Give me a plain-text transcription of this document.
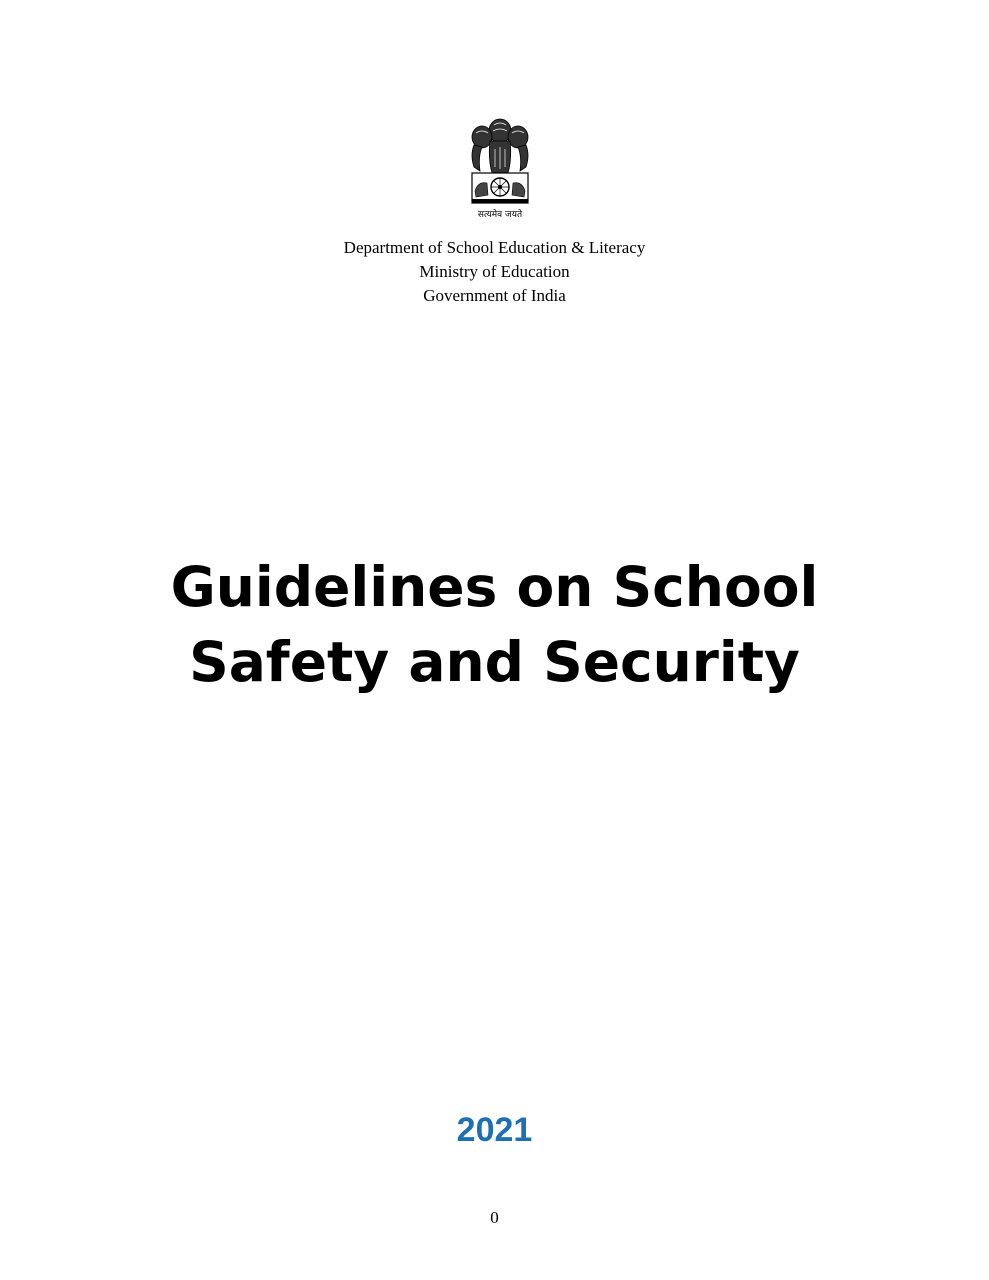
सत्यमेव जयते
Department of School Education & Literacy
Ministry of Education
Government of India
Guidelines on School
Safety and Security
2021
0
